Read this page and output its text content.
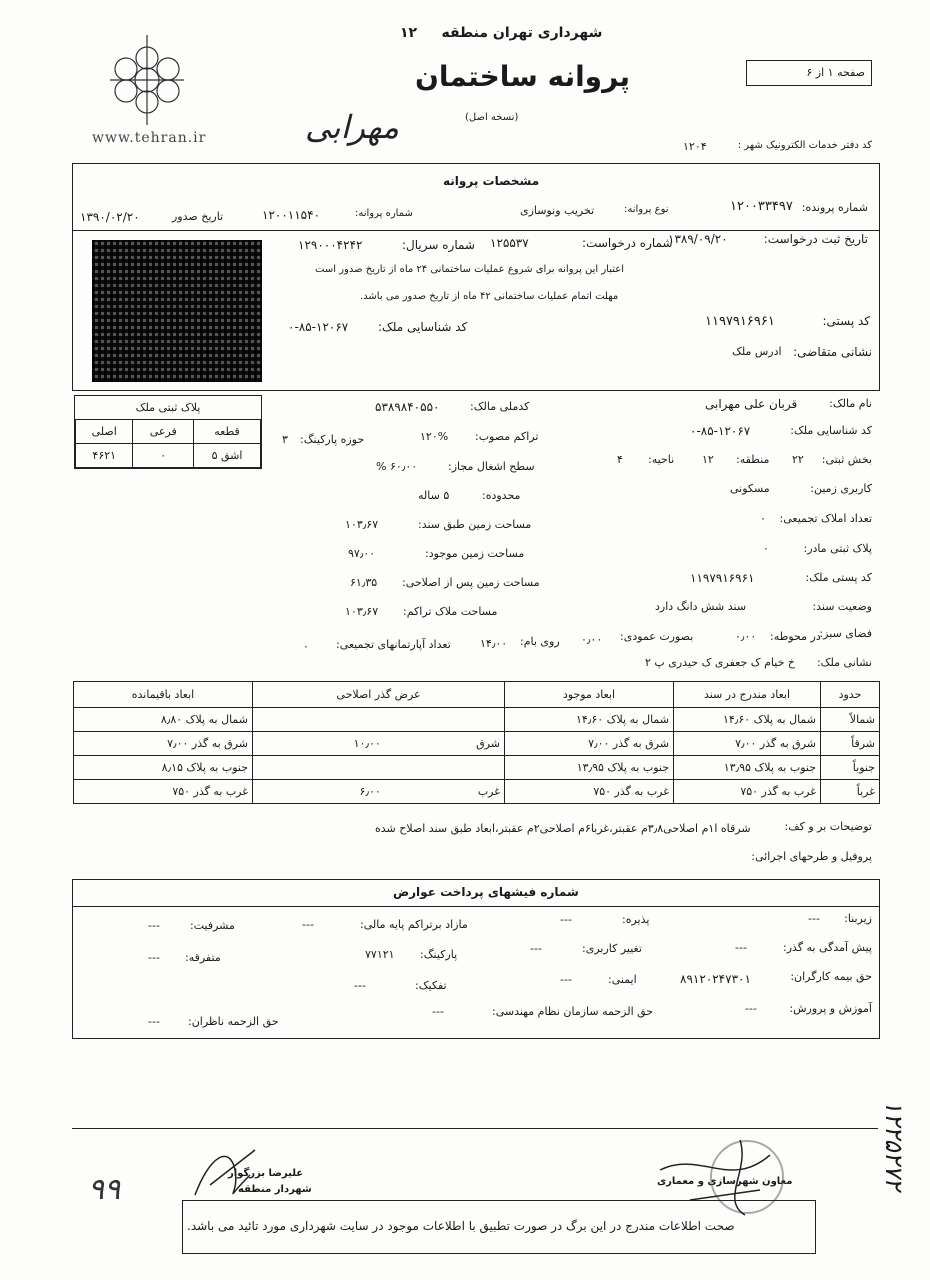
www.tehran.ir
شهرداری تهران منطقه     ۱۲
پروانه ساختمان
(نسخه اصل)
صفحه ۱ از ۶
مهرابی	کد دفتر خدمات الکترونیک شهر :
۱۲۰۴
مشخصات پروانه
شماره پرونده:
۱۲۰۰۳۳۴۹۷
نوع پروانه:
تخریب ونوسازی
شماره پروانه:
۱۲۰۰۱۱۵۴۰
تاریخ صدور
۱۳۹۰/۰۲/۲۰
تاریخ ثبت درخواست:
۱۳۸۹/۰۹/۲۰
شماره درخواست:
۱۲۵۵۳۷
شماره سریال:
۱۲۹۰۰۰۴۲۴۲
اعتبار این پروانه برای شروع عملیات ساختمانی ۲۴ ماه از تاریخ صدور است
مهلت اتمام عملیات ساختمانی ۴۲ ماه از تاریخ صدور می باشد.
کد پستی:
۱۱۹۷۹۱۶۹۶۱
کد شناسایی ملک:
۰-۸۵-۱۲۰۶۷
نشانی متقاضی:
ادرس ملک
پلاک ثبتی ملک		
قطعه	فرعی	اصلی
اشق ۵	۰	۴۶۲۱
نام مالک:
قربان علی مهرابی
کدملی مالک:
۵۳۸۹۸۴۰۵۵۰
کد شناسایی ملک:
۰-۸۵-۱۲۰۶۷
تراکم مصوب:
۱۲۰%
حوزه پارکینگ:
۳
بخش ثبتی:
۲۲
منطقه:
۱۲
ناحیه:
۴
سطح اشغال مجاز:
۶۰٫۰۰ %
کاربری زمین:
مسکونی
محدوده:
۵ ساله
تعداد املاک تجمیعی:
۰
مساحت زمین طبق سند:
۱۰۳٫۶۷
پلاک ثبتی مادر:
۰
مساحت زمین موجود:
۹۷٫۰۰
کد پستی ملک:
۱۱۹۷۹۱۶۹۶۱
مساحت زمین پس از اصلاحی:
۶۱٫۳۵
وضعیت سند:
سند شش دانگ دارد
مساحت ملاک تراکم:
۱۰۳٫۶۷
فضای سبز:
در محوطه:
۰٫۰۰
بصورت عمودی:
۰٫۰۰
روی بام:
۱۴٫۰۰
تعداد آپارتمانهای تجمیعی:
۰
نشانی ملک:
خ خیام ک جعفری ک حیدری پ ۲
حدود	ابعاد مندرج در سند	ابعاد موجود	عرض گذر اصلاحی		ابعاد باقیمانده
شمالاً	شمال به پلاک ۱۴٫۶۰	شمال به پلاک ۱۴٫۶۰			شمال به پلاک ۸٫۸۰
شرقاً	شرق به گذر ۷٫۰۰	شرق به گذر ۷٫۰۰	شرق	۱۰٫۰۰	شرق به گذر ۷٫۰۰
جنوباً	جنوب به پلاک ۱۳٫۹۵	جنوب به پلاک ۱۳٫۹۵			جنوب به پلاک ۸٫۱۵
غرباً	غرب به گذر ۷۵۰	غرب به گذر ۷۵۰	غرب	۶٫۰۰	غرب به گذر ۷۵۰
توضیحات بر و کف:
شرقاه ا۱م اصلاحی۳٫۸م عقبتر،غربا۶م اصلاحی۲م عقبتر،ابعاد طبق سند اصلاح شده
پروفیل و طرحهای اجرائی:
شماره فیشهای پرداخت عوارض
زیربنا:
---
پذیره:
---
مازاد برتراکم پایه مالی:
---
مشرفیت:
---
پیش آمدگی به گذر:
---
تغییر کاربری:
---
پارکینگ:
۷۷۱۲۱
متفرقه:
---
حق بیمه کارگران:
۸۹۱۲۰۲۴۷۳۰۱
ایمنی:
---
تفکیک:
---
آموزش و پرورش:
---
حق الزحمه سازمان نظام مهندسی:
---
حق الزحمه ناظران:
---
علیرضا بزرگوار
شهردار منطقه
معاون شهرسازی و معماری
۹۹
صحت اطلاعات مندرج در این برگ در صورت تطبیق با اطلاعات موجود در سایت شهرداری مورد تائید می باشد.
۱۲۲۵۲۷۲
